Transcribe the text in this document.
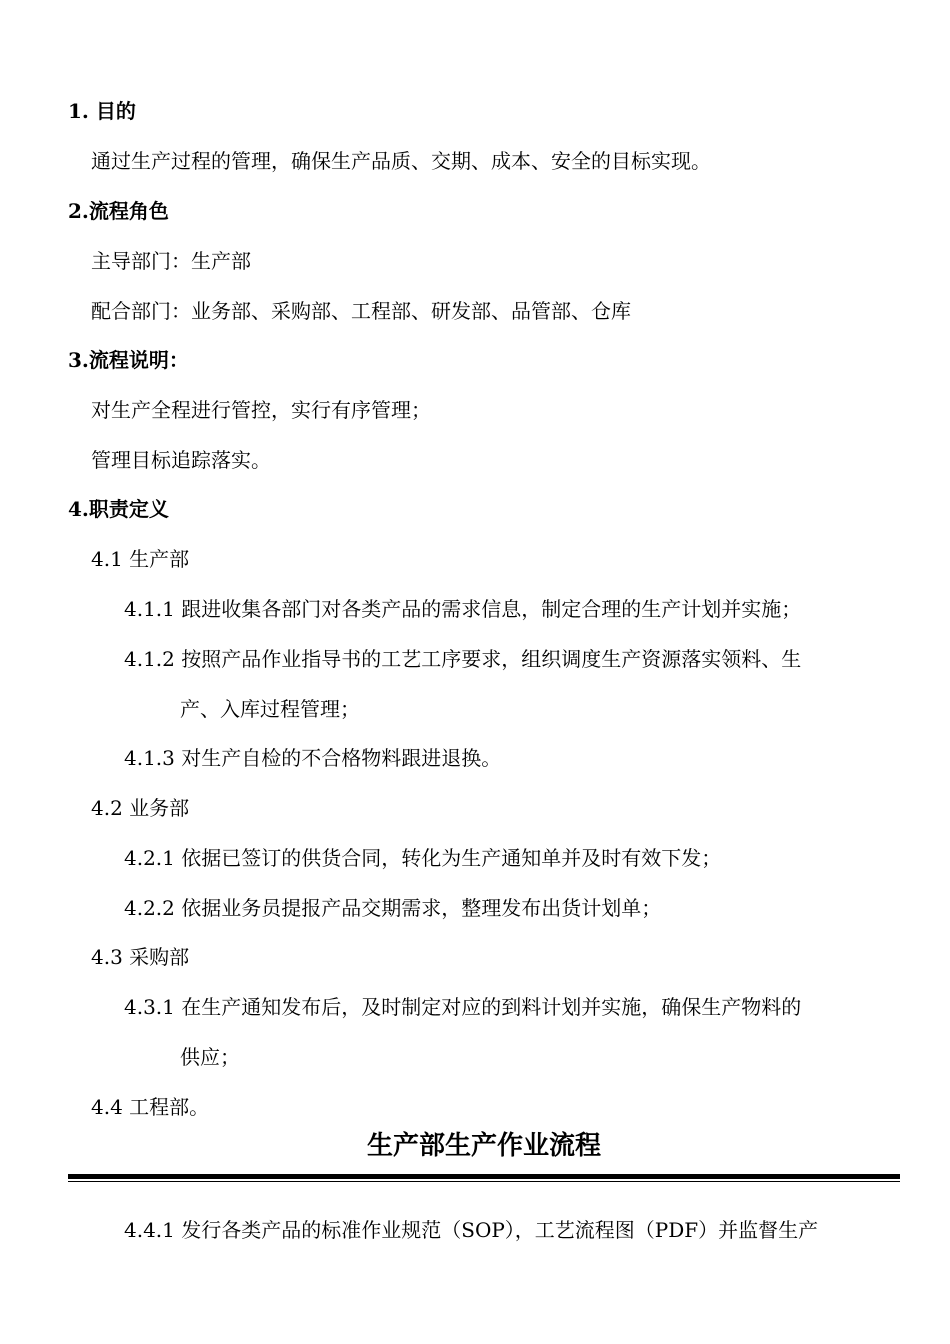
1. 目的
通过生产过程的管理，确保生产品质、交期、成本、安全的目标实现。
2.流程角色
主导部门：生产部
配合部门：业务部、采购部、工程部、研发部、品管部、仓库
3.流程说明：
对生产全程进行管控，实行有序管理；
管理目标追踪落实。
4.职责定义
4.1 生产部
4.1.1 跟进收集各部门对各类产品的需求信息，制定合理的生产计划并实施；
4.1.2 按照产品作业指导书的工艺工序要求，组织调度生产资源落实领料、生
产、入库过程管理；
4.1.3 对生产自检的不合格物料跟进退换。
4.2 业务部
4.2.1 依据已签订的供货合同，转化为生产通知单并及时有效下发；
4.2.2 依据业务员提报产品交期需求，整理发布出货计划单；
4.3 采购部
4.3.1 在生产通知发布后，及时制定对应的到料计划并实施，确保生产物料的
供应；
4.4 工程部。
生产部生产作业流程
4.4.1 发行各类产品的标准作业规范（SOP），工艺流程图（PDF）并监督生产
